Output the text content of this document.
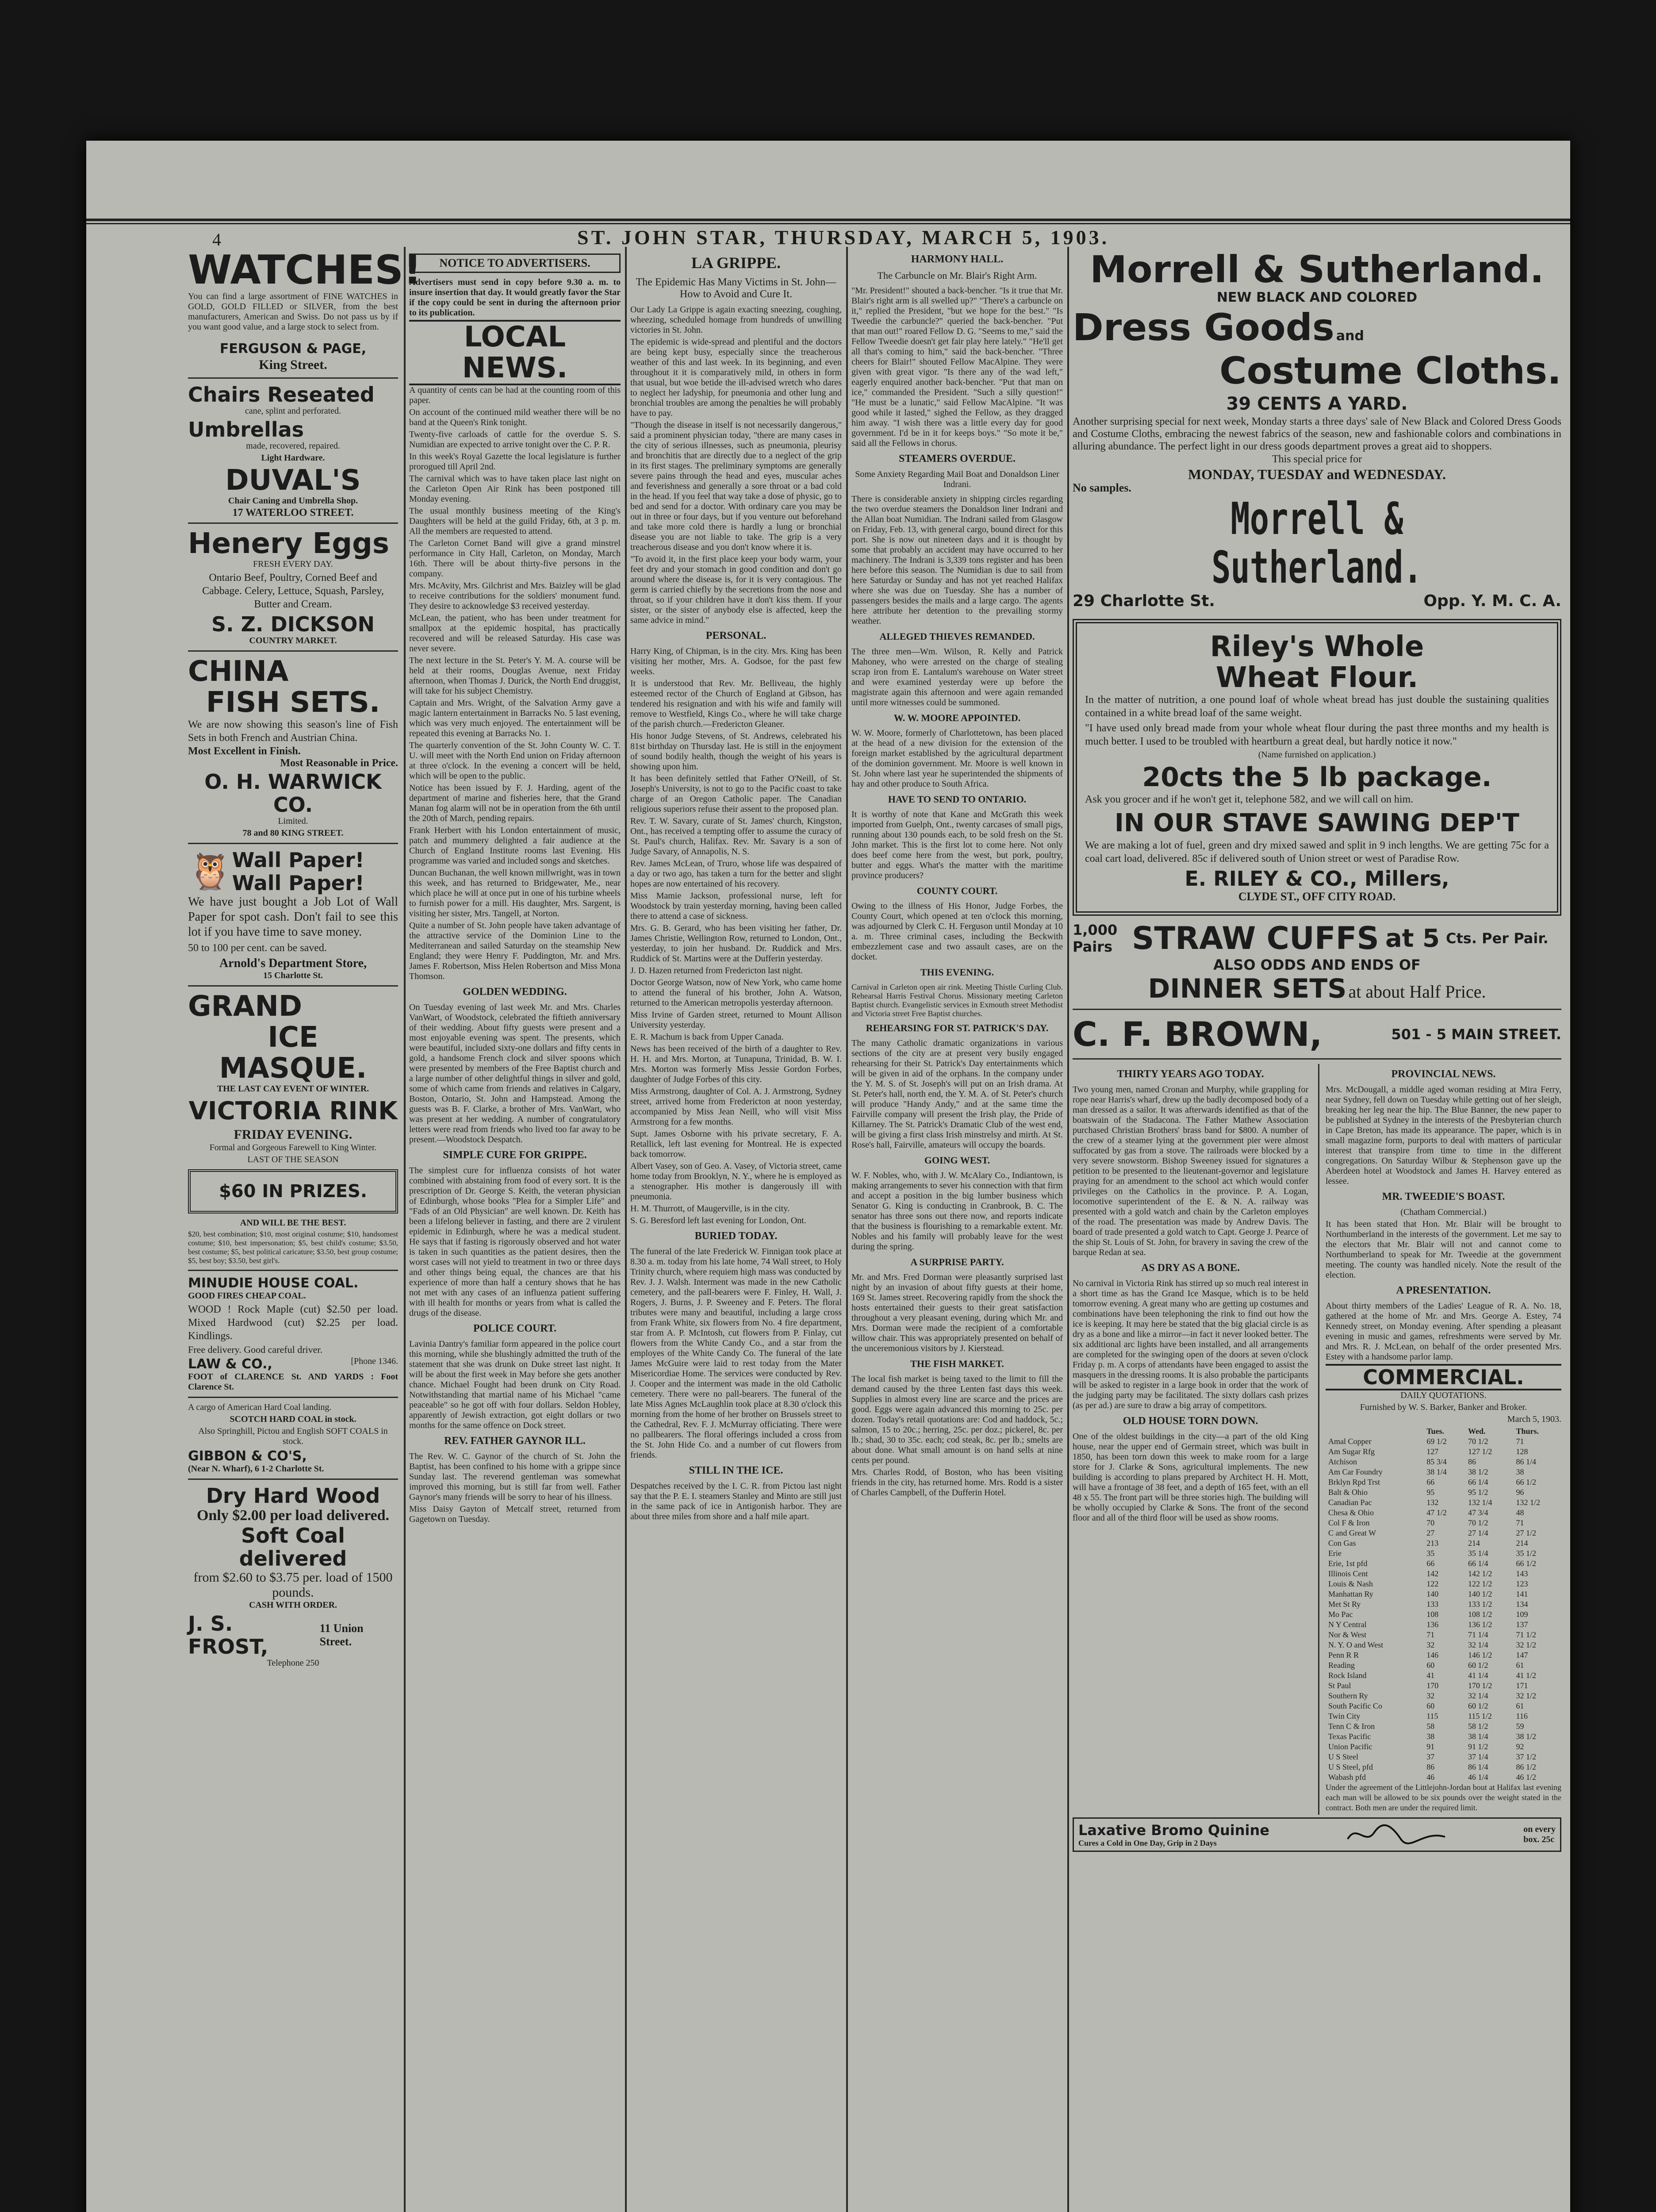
4	ST. JOHN STAR, THURSDAY, MARCH 5, 1903.
WATCHES!

You can find a large assortment of FINE WATCHES in GOLD, GOLD FILLED or SILVER, from the best manufacturers, American and Swiss. Do not pass us by if you want good value, and a large stock to select from.

FERGUSON & PAGE,
King Street.
Chairs Reseated
cane, splint and perforated.
Umbrellas
made, recovered, repaired.
Light Hardware.
DUVAL'S
Chair Caning and Umbrella Shop.
17 WATERLOO STREET.
Henery Eggs
FRESH EVERY DAY.

Ontario Beef, Poultry, Corned Beef and Cabbage. Celery, Lettuce, Squash, Parsley, Butter and Cream.

S. Z. DICKSON
COUNTRY MARKET.
CHINA
FISH SETS.

We are now showing this season's line of Fish Sets in both French and Austrian China.

Most Excellent in Finish.
Most Reasonable in Price.
O. H. WARWICK CO.
Limited.
78 and 80 KING STREET.
🦉 Wall Paper!
Wall Paper!

We have just bought a Job Lot of Wall Paper for spot cash. Don't fail to see this lot if you have time to save money.

50 to 100 per cent. can be saved.

Arnold's Department Store,
15 Charlotte St.
GRAND
ICE
MASQUE.
THE LAST CAY EVENT OF WINTER.
VICTORIA RINK
FRIDAY EVENING.
Formal and Gorgeous Farewell to King Winter.
LAST OF THE SEASON
$60 IN PRIZES.
AND WILL BE THE BEST.

$20, best combination; $10, most original costume; $10, handsomest costume; $10, best impersonation; $5, best child's costume; $3.50, best costume; $5, best political caricature; $3.50, best group costume; $5, best boy; $3.50, best girl's.

MINUDIE HOUSE COAL.
GOOD FIRES CHEAP COAL.

WOOD ! Rock Maple (cut) $2.50 per load. Mixed Hardwood (cut) $2.25 per load. Kindlings.

Free delivery. Good careful driver.

LAW & CO.,	[Phone 1346.

FOOT of CLARENCE St. AND YARDS : Foot Clarence St.

A cargo of American Hard Coal landing.

SCOTCH HARD COAL in stock.

Also Springhill, Pictou and English SOFT COALS in stock.

GIBBON & CO'S,

(Near N. Wharf), 6 1-2 Charlotte St.

Dry Hard Wood
Only $2.00 per load delivered.
Soft Coal delivered
from $2.60 to $3.75 per. load of 1500 pounds.
CASH WITH ORDER.
J. S. FROST,
11 Union Street.
Telephone 250
NOTICE TO ADVERTISERS.

Advertisers must send in copy before 9.30 a. m. to insure insertion that day. It would greatly favor the Star if the copy could be sent in during the afternoon prior to its publication.

LOCAL NEWS.

A quantity of cents can be had at the counting room of this paper.

On account of the continued mild weather there will be no band at the Queen's Rink tonight.

Twenty-five carloads of cattle for the overdue S. S. Numidian are expected to arrive tonight over the C. P. R.

In this week's Royal Gazette the local legislature is further prorogued till April 2nd.

The carnival which was to have taken place last night on the Carleton Open Air Rink has been postponed till Monday evening.

The usual monthly business meeting of the King's Daughters will be held at the guild Friday, 6th, at 3 p. m. All the members are requested to attend.

The Carleton Cornet Band will give a grand minstrel performance in City Hall, Carleton, on Monday, March 16th. There will be about thirty-five persons in the company.

Mrs. McAvity, Mrs. Gilchrist and Mrs. Baizley will be glad to receive contributions for the soldiers' monument fund. They desire to acknowledge $3 received yesterday.

McLean, the patient, who has been under treatment for smallpox at the epidemic hospital, has practically recovered and will be released Saturday. His case was never severe.

The next lecture in the St. Peter's Y. M. A. course will be held at their rooms, Douglas Avenue, next Friday afternoon, when Thomas J. Durick, the North End druggist, will take for his subject Chemistry.

Captain and Mrs. Wright, of the Salvation Army gave a magic lantern entertainment in Barracks No. 5 last evening, which was very much enjoyed. The entertainment will be repeated this evening at Barracks No. 1.

The quarterly convention of the St. John County W. C. T. U. will meet with the North End union on Friday afternoon at three o'clock. In the evening a concert will be held, which will be open to the public.

Notice has been issued by F. J. Harding, agent of the department of marine and fisheries here, that the Grand Manan fog alarm will not be in operation from the 6th until the 20th of March, pending repairs.

Frank Herbert with his London entertainment of music, patch and mummery delighted a fair audience at the Church of England Institute rooms last Evening. His programme was varied and included songs and sketches.

Duncan Buchanan, the well known millwright, was in town this week, and has returned to Bridgewater, Me., near which place he will at once put in one of his turbine wheels to furnish power for a mill. His daughter, Mrs. Sargent, is visiting her sister, Mrs. Tangell, at Norton.

Quite a number of St. John people have taken advantage of the attractive service of the Dominion Line to the Mediterranean and sailed Saturday on the steamship New England; they were Henry F. Puddington, Mr. and Mrs. James F. Robertson, Miss Helen Robertson and Miss Mona Thomson.

GOLDEN WEDDING.

On Tuesday evening of last week Mr. and Mrs. Charles VanWart, of Woodstock, celebrated the fiftieth anniversary of their wedding. About fifty guests were present and a most enjoyable evening was spent. The presents, which were beautiful, included sixty-one dollars and fifty cents in gold, a handsome French clock and silver spoons which were presented by members of the Free Baptist church and a large number of other delightful things in silver and gold, some of which came from friends and relatives in Calgary, Boston, Ontario, St. John and Hampstead. Among the guests was B. F. Clarke, a brother of Mrs. VanWart, who was present at her wedding. A number of congratulatory letters were read from friends who lived too far away to be present.—Woodstock Despatch.

SIMPLE CURE FOR GRIPPE.

The simplest cure for influenza consists of hot water combined with abstaining from food of every sort. It is the prescription of Dr. George S. Keith, the veteran physician of Edinburgh, whose books "Plea for a Simpler Life" and "Fads of an Old Physician" are well known. Dr. Keith has been a lifelong believer in fasting, and there are 2 virulent epidemic in Edinburgh, where he was a medical student. He says that if fasting is rigorously observed and hot water is taken in such quantities as the patient desires, then the worst cases will not yield to treatment in two or three days and other things being equal, the chances are that his experience of more than half a century shows that he has not met with any cases of an influenza patient suffering with ill health for months or years from what is called the drugs of the disease.

POLICE COURT.

Lavinia Dantry's familiar form appeared in the police court this morning, while she blushingly admitted the truth of the statement that she was drunk on Duke street last night. It will be about the first week in May before she gets another chance. Michael Fought had been drunk on City Road. Notwithstanding that martial name of his Michael "came peaceable" so he got off with four dollars. Seldon Hobley, apparently of Jewish extraction, got eight dollars or two months for the same offence on Dock street.

REV. FATHER GAYNOR ILL.

The Rev. W. C. Gaynor of the church of St. John the Baptist, has been confined to his home with a grippe since Sunday last. The reverend gentleman was somewhat improved this morning, but is still far from well. Father Gaynor's many friends will be sorry to hear of his illness.

Miss Daisy Gayton of Metcalf street, returned from Gagetown on Tuesday.

LA GRIPPE.
The Epidemic Has Many Victims in St. John—How to Avoid and Cure It.

Our Lady La Grippe is again exacting sneezing, coughing, wheezing, scheduled homage from hundreds of unwilling victories in St. John.

The epidemic is wide-spread and plentiful and the doctors are being kept busy, especially since the treacherous weather of this and last week. In its beginning, and even throughout it it is comparatively mild, in others in form that usual, but woe betide the ill-advised wretch who dares to neglect her ladyship, for pneumonia and other lung and bronchial troubles are among the penalties he will probably have to pay.

"Though the disease in itself is not necessarily dangerous," said a prominent physician today, "there are many cases in the city of serious illnesses, such as pneumonia, pleurisy and bronchitis that are directly due to a neglect of the grip in its first stages. The preliminary symptoms are generally severe pains through the head and eyes, muscular aches and feverishness and generally a sore throat or a bad cold in the head. If you feel that way take a dose of physic, go to bed and send for a doctor. With ordinary care you may be out in three or four days, but if you venture out beforehand and take more cold there is hardly a lung or bronchial disease you are not liable to take. The grip is a very treacherous disease and you don't know where it is.

"To avoid it, in the first place keep your body warm, your feet dry and your stomach in good condition and don't go around where the disease is, for it is very contagious. The germ is carried chiefly by the secretions from the nose and throat, so if your children have it don't kiss them. If your sister, or the sister of anybody else is affected, keep the same advice in mind."

PERSONAL.

Harry King, of Chipman, is in the city. Mrs. King has been visiting her mother, Mrs. A. Godsoe, for the past few weeks.

It is understood that Rev. Mr. Belliveau, the highly esteemed rector of the Church of England at Gibson, has tendered his resignation and with his wife and family will remove to Westfield, Kings Co., where he will take charge of the parish church.—Fredericton Gleaner.

His honor Judge Stevens, of St. Andrews, celebrated his 81st birthday on Thursday last. He is still in the enjoyment of sound bodily health, though the weight of his years is showing upon him.

It has been definitely settled that Father O'Neill, of St. Joseph's University, is not to go to the Pacific coast to take charge of an Oregon Catholic paper. The Canadian religious superiors refuse their assent to the proposed plan.

Rev. T. W. Savary, curate of St. James' church, Kingston, Ont., has received a tempting offer to assume the curacy of St. Paul's church, Halifax. Rev. Mr. Savary is a son of Judge Savary, of Annapolis, N. S.

Rev. James McLean, of Truro, whose life was despaired of a day or two ago, has taken a turn for the better and slight hopes are now entertained of his recovery.

Miss Mamie Jackson, professional nurse, left for Woodstock by train yesterday morning, having been called there to attend a case of sickness.

Mrs. G. B. Gerard, who has been visiting her father, Dr. James Christie, Wellington Row, returned to London, Ont., yesterday, to join her husband. Dr. Ruddick and Mrs. Ruddick of St. Martins were at the Dufferin yesterday.

J. D. Hazen returned from Fredericton last night.

Doctor George Watson, now of New York, who came home to attend the funeral of his brother, John A. Watson, returned to the American metropolis yesterday afternoon.

Miss Irvine of Garden street, returned to Mount Allison University yesterday.

E. R. Machum is back from Upper Canada.

News has been received of the birth of a daughter to Rev. H. H. and Mrs. Morton, at Tunapuna, Trinidad, B. W. I. Mrs. Morton was formerly Miss Jessie Gordon Forbes, daughter of Judge Forbes of this city.

Miss Armstrong, daughter of Col. A. J. Armstrong, Sydney street, arrived home from Fredericton at noon yesterday, accompanied by Miss Jean Neill, who will visit Miss Armstrong for a few months.

Supt. James Osborne with his private secretary, F. A. Retallick, left last evening for Montreal. He is expected back tomorrow.

Albert Vasey, son of Geo. A. Vasey, of Victoria street, came home today from Brooklyn, N. Y., where he is employed as a stenographer. His mother is dangerously ill with pneumonia.

H. M. Thurrott, of Maugerville, is in the city.

S. G. Beresford left last evening for London, Ont.

BURIED TODAY.

The funeral of the late Frederick W. Finnigan took place at 8.30 a. m. today from his late home, 74 Wall street, to Holy Trinity church, where requiem high mass was conducted by Rev. J. J. Walsh. Interment was made in the new Catholic cemetery, and the pall-bearers were F. Finley, H. Wall, J. Rogers, J. Burns, J. P. Sweeney and F. Peters. The floral tributes were many and beautiful, including a large cross from Frank White, six flowers from No. 4 fire department, star from A. P. McIntosh, cut flowers from P. Finlay, cut flowers from the White Candy Co., and a star from the employes of the White Candy Co. The funeral of the late James McGuire were laid to rest today from the Mater Misericordiae Home. The services were conducted by Rev. J. Cooper and the interment was made in the old Catholic cemetery. There were no pall-bearers. The funeral of the late Miss Agnes McLaughlin took place at 8.30 o'clock this morning from the home of her brother on Brussels street to the Cathedral, Rev. F. J. McMurray officiating. There were no pallbearers. The floral offerings included a cross from the St. John Hide Co. and a number of cut flowers from friends.

STILL IN THE ICE.

Despatches received by the I. C. R. from Pictou last night say that the P. E. I. steamers Stanley and Minto are still just in the same pack of ice in Antigonish harbor. They are about three miles from shore and a half mile apart.

HARMONY HALL.
The Carbuncle on Mr. Blair's Right Arm.

"Mr. President!" shouted a back-bencher. "Is it true that Mr. Blair's right arm is all swelled up?" "There's a carbuncle on it," replied the President, "but we hope for the best." "Is Tweedie the carbuncle?" queried the back-bencher. "Put that man out!" roared Fellow D. G. "Seems to me," said the Fellow Tweedie doesn't get fair play here lately." "He'll get all that's coming to him," said the back-bencher. "Three cheers for Blair!" shouted Fellow MacAlpine. They were given with great vigor. "Is there any of the wad left," eagerly enquired another back-bencher. "Put that man on ice," commanded the President. "Such a silly question!" "He must be a lunatic," said Fellow MacAlpine. "It was good while it lasted," sighed the Fellow, as they dragged him away. "I wish there was a little every day for good government. I'd be in it for keeps boys." "So mote it be," said all the Fellows in chorus.

STEAMERS OVERDUE.
Some Anxiety Regarding Mail Boat and Donaldson Liner Indrani.

There is considerable anxiety in shipping circles regarding the two overdue steamers the Donaldson liner Indrani and the Allan boat Numidian. The Indrani sailed from Glasgow on Friday, Feb. 13, with general cargo, bound direct for this port. She is now out nineteen days and it is thought by some that probably an accident may have occurred to her machinery. The Indrani is 3,339 tons register and has been here before this season. The Numidian is due to sail from here Saturday or Sunday and has not yet reached Halifax where she was due on Tuesday. She has a number of passengers besides the mails and a large cargo. The agents here attribute her detention to the prevailing stormy weather.

ALLEGED THIEVES REMANDED.

The three men—Wm. Wilson, R. Kelly and Patrick Mahoney, who were arrested on the charge of stealing scrap iron from E. Lantalum's warehouse on Water street and were examined yesterday were up before the magistrate again this afternoon and were again remanded until more witnesses could be summoned.

W. W. MOORE APPOINTED.

W. W. Moore, formerly of Charlottetown, has been placed at the head of a new division for the extension of the foreign market established by the agricultural department of the dominion government. Mr. Moore is well known in St. John where last year he superintended the shipments of hay and other produce to South Africa.

HAVE TO SEND TO ONTARIO.

It is worthy of note that Kane and McGrath this week imported from Guelph, Ont., twenty carcases of small pigs, running about 130 pounds each, to be sold fresh on the St. John market. This is the first lot to come here. Not only does beef come here from the west, but pork, poultry, butter and eggs. What's the matter with the maritime province producers?

COUNTY COURT.

Owing to the illness of His Honor, Judge Forbes, the County Court, which opened at ten o'clock this morning, was adjourned by Clerk C. H. Ferguson until Monday at 10 a. m. Three criminal cases, including the Beckwith embezzlement case and two assault cases, are on the docket.

THIS EVENING.

Carnival in Carleton open air rink. Meeting Thistle Curling Club. Rehearsal Harris Festival Chorus. Missionary meeting Carleton Baptist church. Evangelistic services in Exmouth street Methodist and Victoria street Free Baptist churches.

REHEARSING FOR ST. PATRICK'S DAY.

The many Catholic dramatic organizations in various sections of the city are at present very busily engaged rehearsing for their St. Patrick's Day entertainments which will be given in aid of the orphans. In the company under the Y. M. S. of St. Joseph's will put on an Irish drama. At St. Peter's hall, north end, the Y. M. A. of St. Peter's church will produce "Handy Andy," and at the same time the Fairville company will present the Irish play, the Pride of Killarney. The St. Patrick's Dramatic Club of the west end, will be giving a first class Irish minstrelsy and mirth. At St. Rose's hall, Fairville, amateurs will occupy the boards.

GOING WEST.

W. F. Nobles, who, with J. W. McAlary Co., Indiantown, is making arrangements to sever his connection with that firm and accept a position in the big lumber business which Senator G. King is conducting in Cranbrook, B. C. The senator has three sons out there now, and reports indicate that the business is flourishing to a remarkable extent. Mr. Nobles and his family will probably leave for the west during the spring.

A SURPRISE PARTY.

Mr. and Mrs. Fred Dorman were pleasantly surprised last night by an invasion of about fifty guests at their home, 169 St. James street. Recovering rapidly from the shock the hosts entertained their guests to their great satisfaction throughout a very pleasant evening, during which Mr. and Mrs. Dorman were made the recipient of a comfortable willow chair. This was appropriately presented on behalf of the unceremonious visitors by J. Kierstead.

THE FISH MARKET.

The local fish market is being taxed to the limit to fill the demand caused by the three Lenten fast days this week. Supplies in almost every line are scarce and the prices are good. Eggs were again advanced this morning to 25c. per dozen. Today's retail quotations are: Cod and haddock, 5c.; salmon, 15 to 20c.; herring, 25c. per doz.; pickerel, 8c. per lb.; shad, 30 to 35c. each; cod steak, 8c. per lb.; smelts are about done. What small amount is on hand sells at nine cents per pound.

Mrs. Charles Rodd, of Boston, who has been visiting friends in the city, has returned home. Mrs. Rodd is a sister of Charles Campbell, of the Dufferin Hotel.

Morrell & Sutherland.
NEW BLACK AND COLORED
Dress Goods and
Costume Cloths.
39 CENTS A YARD.

Another surprising special for next week, Monday starts a three days' sale of New Black and Colored Dress Goods and Costume Cloths, embracing the newest fabrics of the season, new and fashionable colors and combinations in alluring abundance. The perfect light in our dress goods department proves a great aid to shoppers.

This special price for
MONDAY, TUESDAY and WEDNESDAY.
No samples.
Morrell & Sutherland.
29 Charlotte St.	Opp. Y. M. C. A.
Riley's Whole
Wheat Flour.

In the matter of nutrition, a one pound loaf of whole wheat bread has just double the sustaining qualities contained in a white bread loaf of the same weight.

"I have used only bread made from your whole wheat flour during the past three months and my health is much better. I used to be troubled with heartburn a great deal, but hardly notice it now."

(Name furnished on application.)
20cts the 5 lb package.

Ask you grocer and if he won't get it, telephone 582, and we will call on him.

IN OUR STAVE SAWING DEP'T

We are making a lot of fuel, green and dry mixed sawed and split in 9 inch lengths. We are getting 75c for a coal cart load, delivered. 85c if delivered south of Union street or west of Paradise Row.

E. RILEY & CO., Millers,
CLYDE ST., OFF CITY ROAD.
1,000 Pairs STRAW CUFFS at 5 Cts. Per Pair.
ALSO ODDS AND ENDS OF
DINNER SETS at about Half Price.
C. F. BROWN,	501 - 5 MAIN STREET.
THIRTY YEARS AGO TODAY.

Two young men, named Cronan and Murphy, while grappling for rope near Harris's wharf, drew up the badly decomposed body of a man dressed as a sailor. It was afterwards identified as that of the boatswain of the Stadacona. The Father Mathew Association purchased Christian Brothers' brass band for $800. A number of the crew of a steamer lying at the government pier were almost suffocated by gas from a stove. The railroads were blocked by a very severe snowstorm. Bishop Sweeney issued for signatures a petition to be presented to the lieutenant-governor and legislature praying for an amendment to the school act which would confer privileges on the Catholics in the province. P. A. Logan, locomotive superintendent of the E. & N. A. railway was presented with a gold watch and chain by the Carleton employes of the road. The presentation was made by Andrew Davis. The board of trade presented a gold watch to Capt. George J. Pearce of the ship St. Louis of St. John, for bravery in saving the crew of the barque Redan at sea.

AS DRY AS A BONE.

No carnival in Victoria Rink has stirred up so much real interest in a short time as has the Grand Ice Masque, which is to be held tomorrow evening. A great many who are getting up costumes and combinations have been telephoning the rink to find out how the ice is keeping. It may here be stated that the big glacial circle is as dry as a bone and like a mirror—in fact it never looked better. The six additional arc lights have been installed, and all arrangements are completed for the swinging open of the doors at seven o'clock Friday p. m. A corps of attendants have been engaged to assist the masquers in the dressing rooms. It is also probable the participants will be asked to register in a large book in order that the work of the judging party may be facilitated. The sixty dollars cash prizes (as per ad.) are sure to draw a big array of competitors.

OLD HOUSE TORN DOWN.

One of the oldest buildings in the city—a part of the old King house, near the upper end of Germain street, which was built in 1850, has been torn down this week to make room for a large store for J. Clarke & Sons, agricultural implements. The new building is according to plans prepared by Architect H. H. Mott, will have a frontage of 38 feet, and a depth of 165 feet, with an ell 48 x 55. The front part will be three stories high. The building will be wholly occupied by Clarke & Sons. The front of the second floor and all of the third floor will be used as show rooms.

PROVINCIAL NEWS.

Mrs. McDougall, a middle aged woman residing at Mira Ferry, near Sydney, fell down on Tuesday while getting out of her sleigh, breaking her leg near the hip. The Blue Banner, the new paper to be published at Sydney in the interests of the Presbyterian church in Cape Breton, has made its appearance. The paper, which is in small magazine form, purports to deal with matters of particular interest that transpire from time to time in the different congregations. On Saturday Wilbur & Stephenson gave up the Aberdeen hotel at Woodstock and James H. Harvey entered as lessee.

MR. TWEEDIE'S BOAST.
(Chatham Commercial.)

It has been stated that Hon. Mr. Blair will be brought to Northumberland in the interests of the government. Let me say to the electors that Mr. Blair will not and cannot come to Northumberland to speak for Mr. Tweedie at the government meeting. The county was handled nicely. Note the result of the election.

A PRESENTATION.

About thirty members of the Ladies' League of R. A. No. 18, gathered at the home of Mr. and Mrs. George A. Estey, 74 Kennedy street, on Monday evening. After spending a pleasant evening in music and games, refreshments were served by Mr. and Mrs. R. J. McLean, on behalf of the order presented Mrs. Estey with a handsome parlor lamp.

COMMERCIAL.
DAILY QUOTATIONS.
Furnished by W. S. Barker, Banker and Broker.
March 5, 1903.
	Tues.	Wed.	Thurs.
Amal Copper	69 1/2	70 1/2	71
Am Sugar Rfg	127	127 1/2	128
Atchison	85 3/4	86	86 1/4
Am Car Foundry	38 1/4	38 1/2	38
Brklyn Rpd Trst	66	66 1/4	66 1/2
Balt & Ohio	95	95 1/2	96
Canadian Pac	132	132 1/4	132 1/2
Chesa & Ohio	47 1/2	47 3/4	48
Col F & Iron	70	70 1/2	71
C and Great W	27	27 1/4	27 1/2
Con Gas	213	214	214
Erie	35	35 1/4	35 1/2
Erie, 1st pfd	66	66 1/4	66 1/2
Illinois Cent	142	142 1/2	143
Louis & Nash	122	122 1/2	123
Manhattan Ry	140	140 1/2	141
Met St Ry	133	133 1/2	134
Mo Pac	108	108 1/2	109
N Y Central	136	136 1/2	137
Nor & West	71	71 1/4	71 1/2
N. Y. O and West	32	32 1/4	32 1/2
Penn R R	146	146 1/2	147
Reading	60	60 1/2	61
Rock Island	41	41 1/4	41 1/2
St Paul	170	170 1/2	171
Southern Ry	32	32 1/4	32 1/2
South Pacific Co	60	60 1/2	61
Twin City	115	115 1/2	116
Tenn C & Iron	58	58 1/2	59
Texas Pacific	38	38 1/4	38 1/2
Union Pacific	91	91 1/2	92
U S Steel	37	37 1/4	37 1/2
U S Steel, pfd	86	86 1/4	86 1/2
Wabash pfd	46	46 1/4	46 1/2

Under the agreement of the Littlejohn-Jordan bout at Halifax last evening each man will be allowed to be six pounds over the weight stated in the contract. Both men are under the required limit.

Laxative Bromo Quinine
Cures a Cold in One Day, Grip in 2 Days
on every
box. 25c
